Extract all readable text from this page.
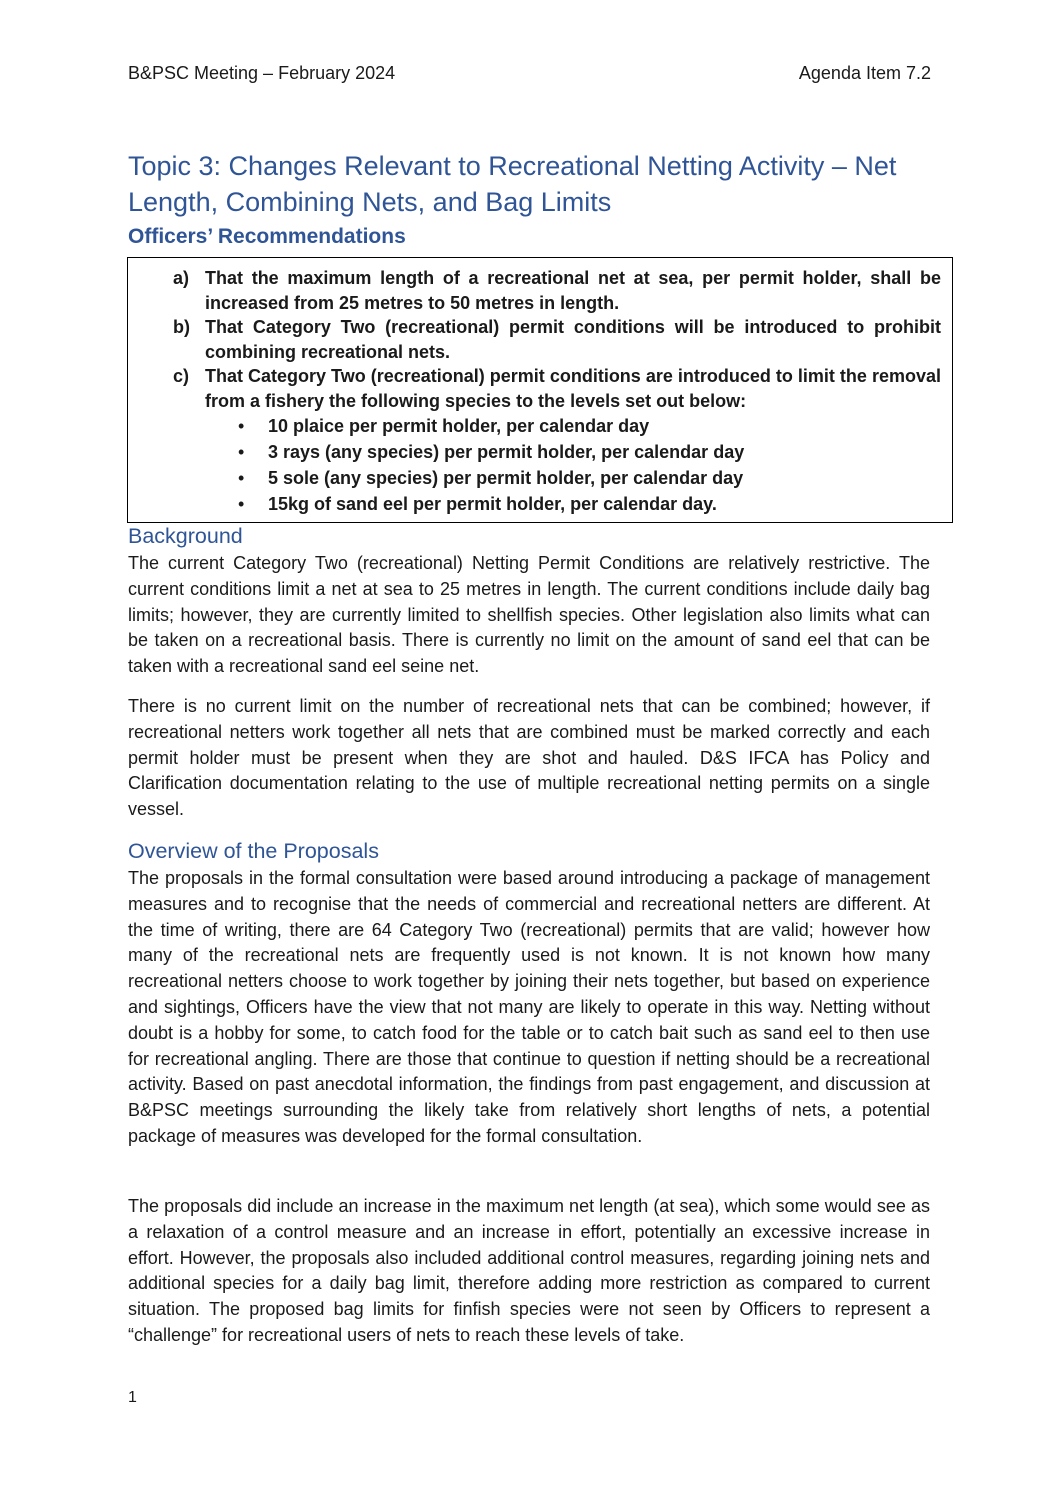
B&PSC Meeting – February 2024	Agenda Item 7.2
Topic 3: Changes Relevant to Recreational Netting Activity – Net Length, Combining Nets, and Bag Limits
Officers’ Recommendations
a) That the maximum length of a recreational net at sea, per permit holder, shall be increased from 25 metres to 50 metres in length.
b) That Category Two (recreational) permit conditions will be introduced to prohibit combining recreational nets.
c) That Category Two (recreational) permit conditions are introduced to limit the removal from a fishery the following species to the levels set out below:
• 10 plaice per permit holder, per calendar day
• 3 rays (any species) per permit holder, per calendar day
• 5 sole (any species) per permit holder, per calendar day
• 15kg of sand eel per permit holder, per calendar day.
Background

The current Category Two (recreational) Netting Permit Conditions are relatively restrictive. The current conditions limit a net at sea to 25 metres in length. The current conditions include daily bag limits; however, they are currently limited to shellfish species. Other legislation also limits what can be taken on a recreational basis. There is currently no limit on the amount of sand eel that can be taken with a recreational sand eel seine net.

There is no current limit on the number of recreational nets that can be combined; however, if recreational netters work together all nets that are combined must be marked correctly and each permit holder must be present when they are shot and hauled. D&S IFCA has Policy and Clarification documentation relating to the use of multiple recreational netting permits on a single vessel.

Overview of the Proposals

The proposals in the formal consultation were based around introducing a package of management measures and to recognise that the needs of commercial and recreational netters are different. At the time of writing, there are 64 Category Two (recreational) permits that are valid; however how many of the recreational nets are frequently used is not known. It is not known how many recreational netters choose to work together by joining their nets together, but based on experience and sightings, Officers have the view that not many are likely to operate in this way. Netting without doubt is a hobby for some, to catch food for the table or to catch bait such as sand eel to then use for recreational angling. There are those that continue to question if netting should be a recreational activity. Based on past anecdotal information, the findings from past engagement, and discussion at B&PSC meetings surrounding the likely take from relatively short lengths of nets, a potential package of measures was developed for the formal consultation.

The proposals did include an increase in the maximum net length (at sea), which some would see as a relaxation of a control measure and an increase in effort, potentially an excessive increase in effort. However, the proposals also included additional control measures, regarding joining nets and additional species for a daily bag limit, therefore adding more restriction as compared to current situation. The proposed bag limits for finfish species were not seen by Officers to represent a “challenge” for recreational users of nets to reach these levels of take.

1
